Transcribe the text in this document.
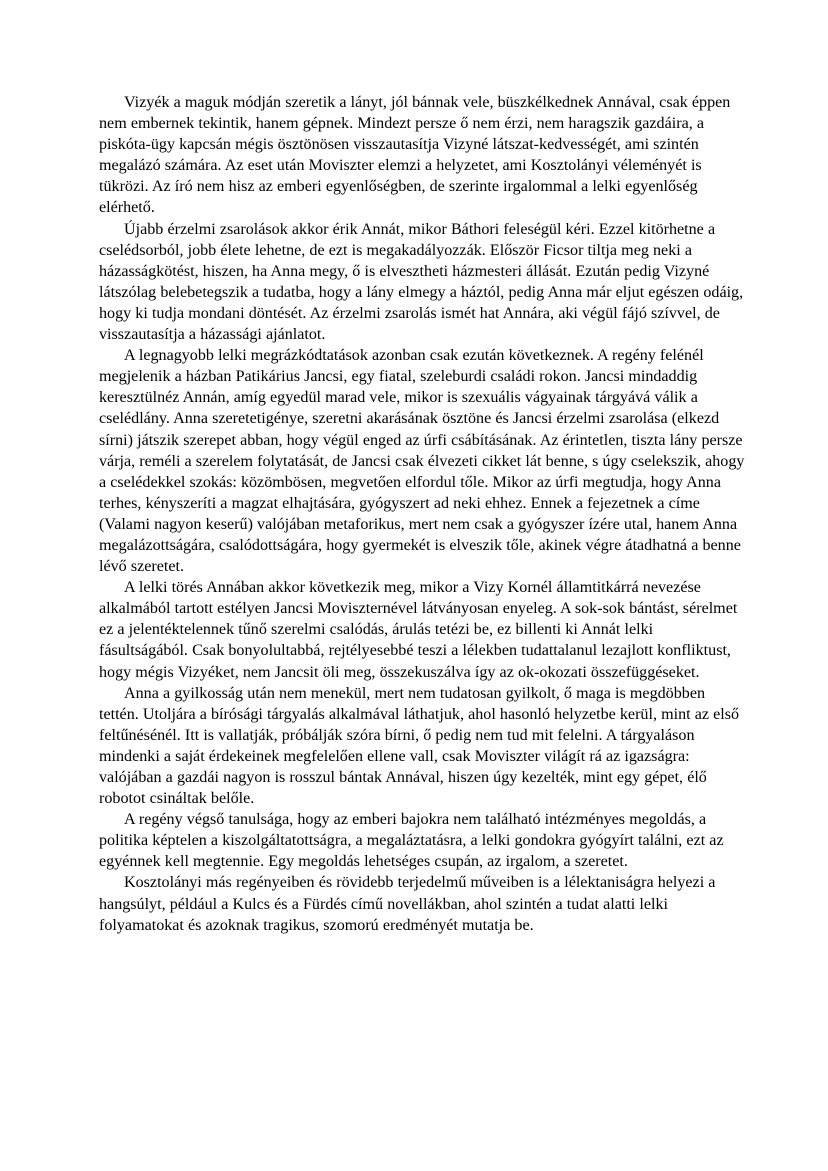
Vizyék a maguk módján szeretik a lányt, jól bánnak vele, büszkélkednek Annával, csak éppen nem embernek tekintik, hanem gépnek. Mindezt persze ő nem érzi, nem haragszik gazdáira, a piskóta-ügy kapcsán mégis ösztönösen visszautasítja Vizyné látszat-kedvességét, ami szintén megalázó számára. Az eset után Moviszter elemzi a helyzetet, ami Kosztolányi véleményét is tükrözi. Az író nem hisz az emberi egyenlőségben, de szerinte irgalommal a lelki egyenlőség elérhető.

Újabb érzelmi zsarolások akkor érik Annát, mikor Báthori feleségül kéri. Ezzel kitörhetne a cselédsorból, jobb élete lehetne, de ezt is megakadályozzák. Először Ficsor tiltja meg neki a házasságkötést, hiszen, ha Anna megy, ő is elvesztheti házmesteri állását. Ezután pedig Vizyné látszólag belebetegszik a tudatba, hogy a lány elmegy a háztól, pedig Anna már eljut egészen odáig, hogy ki tudja mondani döntését. Az érzelmi zsarolás ismét hat Annára, aki végül fájó szívvel, de visszautasítja a házassági ajánlatot.

A legnagyobb lelki megrázkódtatások azonban csak ezután következnek. A regény felénél megjelenik a házban Patikárius Jancsi, egy fiatal, szeleburdi családi rokon. Jancsi mindaddig keresztülnéz Annán, amíg egyedül marad vele, mikor is szexuális vágyainak tárgyává válik a cselédlány. Anna szeretetigénye, szeretni akarásának ösztöne és Jancsi érzelmi zsarolása (elkezd sírni) játszik szerepet abban, hogy végül enged az úrfi csábításának. Az érintetlen, tiszta lány persze várja, reméli a szerelem folytatását, de Jancsi csak élvezeti cikket lát benne, s úgy cselekszik, ahogy a cselédekkel szokás: közömbösen, megvetően elfordul tőle. Mikor az úrfi megtudja, hogy Anna terhes, kényszeríti a magzat elhajtására, gyógyszert ad neki ehhez. Ennek a fejezetnek a címe (Valami nagyon keserű) valójában metaforikus, mert nem csak a gyógyszer ízére utal, hanem Anna megalázottságára, csalódottságára, hogy gyermekét is elveszik tőle, akinek végre átadhatná a benne lévő szeretet.

A lelki törés Annában akkor következik meg, mikor a Vizy Kornél államtitkárrá nevezése alkalmából tartott estélyen Jancsi Moviszternével látványosan enyeleg. A sok-sok bántást, sérelmet ez a jelentéktelennek tűnő szerelmi csalódás, árulás tetézi be, ez billenti ki Annát lelki fásultságából. Csak bonyolultabbá, rejtélyesebbé teszi a lélekben tudattalanul lezajlott konfliktust, hogy mégis Vizyéket, nem Jancsit öli meg, összekuszálva így az ok-okozati összefüggéseket.

Anna a gyilkosság után nem menekül, mert nem tudatosan gyilkolt, ő maga is megdöbben tettén. Utoljára a bírósági tárgyalás alkalmával láthatjuk, ahol hasonló helyzetbe kerül, mint az első feltűnésénél. Itt is vallatják, próbálják szóra bírni, ő pedig nem tud mit felelni. A tárgyaláson mindenki a saját érdekeinek megfelelően ellene vall, csak Moviszter világít rá az igazságra: valójában a gazdái nagyon is rosszul bántak Annával, hiszen úgy kezelték, mint egy gépet, élő robotot csináltak belőle.

A regény végső tanulsága, hogy az emberi bajokra nem található intézményes megoldás, a politika képtelen a kiszolgáltatottságra, a megaláztatásra, a lelki gondokra gyógyírt találni, ezt az egyénnek kell megtennie. Egy megoldás lehetséges csupán, az irgalom, a szeretet.

Kosztolányi más regényeiben és rövidebb terjedelmű műveiben is a lélektaniságra helyezi a hangsúlyt, például a Kulcs és a Fürdés című novellákban, ahol szintén a tudat alatti lelki folyamatokat és azoknak tragikus, szomorú eredményét mutatja be.
